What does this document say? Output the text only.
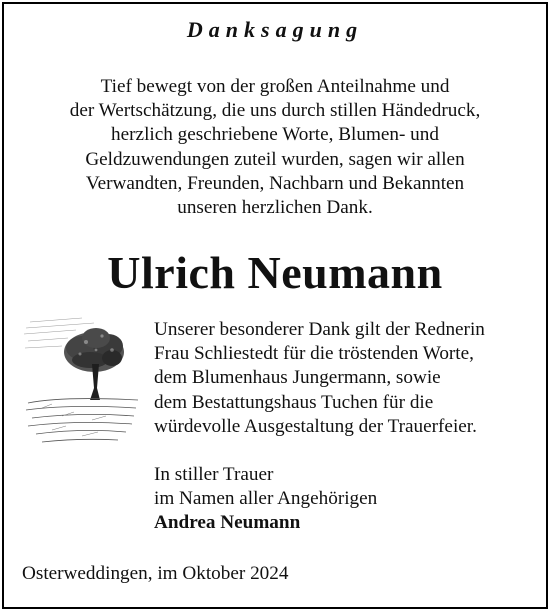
Danksagung
Tief bewegt von der großen Anteilnahme und
der Wertschätzung, die uns durch stillen Händedruck,
herzlich geschriebene Worte, Blumen- und
Geldzuwendungen zuteil wurden, sagen wir allen
Verwandten, Freunden, Nachbarn und Bekannten
unseren herzlichen Dank.
Ulrich Neumann
Unserer besonderer Dank gilt der Rednerin
Frau Schliestedt für die tröstenden Worte,
dem Blumenhaus Jungermann, sowie
dem Bestattungshaus Tuchen für die
würdevolle Ausgestaltung der Trauerfeier.
In stiller Trauer
im Namen aller Angehörigen
Andrea Neumann
Osterweddingen, im Oktober 2024
